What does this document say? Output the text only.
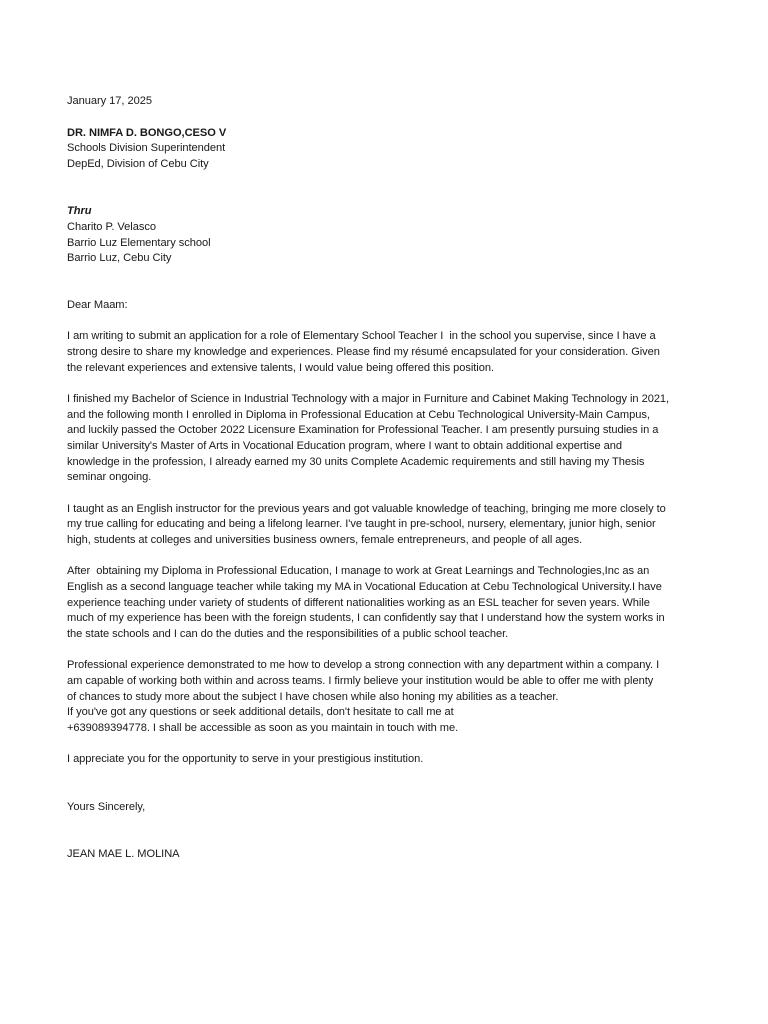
January 17, 2025
DR. NIMFA D. BONGO,CESO V
Schools Division Superintendent
DepEd, Division of Cebu City
Thru
Charito P. Velasco
Barrio Luz Elementary school
Barrio Luz, Cebu City
Dear Maam:

I am writing to submit an application for a role of Elementary School Teacher I  in the school you supervise, since I have a
strong desire to share my knowledge and experiences. Please find my résumé encapsulated for your consideration. Given
the relevant experiences and extensive talents, I would value being offered this position.

I finished my Bachelor of Science in Industrial Technology with a major in Furniture and Cabinet Making Technology in 2021,
and the following month I enrolled in Diploma in Professional Education at Cebu Technological University-Main Campus,
and luckily passed the October 2022 Licensure Examination for Professional Teacher. I am presently pursuing studies in a
similar University's Master of Arts in Vocational Education program, where I want to obtain additional expertise and
knowledge in the profession, I already earned my 30 units Complete Academic requirements and still having my Thesis
seminar ongoing.

I taught as an English instructor for the previous years and got valuable knowledge of teaching, bringing me more closely to
my true calling for educating and being a lifelong learner. I've taught in pre-school, nursery, elementary, junior high, senior
high, students at colleges and universities business owners, female entrepreneurs, and people of all ages.

After  obtaining my Diploma in Professional Education, I manage to work at Great Learnings and Technologies,Inc as an
English as a second language teacher while taking my MA in Vocational Education at Cebu Technological University.I have
experience teaching under variety of students of different nationalities working as an ESL teacher for seven years. While
much of my experience has been with the foreign students, I can confidently say that I understand how the system works in
the state schools and I can do the duties and the responsibilities of a public school teacher.

Professional experience demonstrated to me how to develop a strong connection with any department within a company. I
am capable of working both within and across teams. I firmly believe your institution would be able to offer me with plenty
of chances to study more about the subject I have chosen while also honing my abilities as a teacher.
If you've got any questions or seek additional details, don't hesitate to call me at
+639089394778. I shall be accessible as soon as you maintain in touch with me.

I appreciate you for the opportunity to serve in your prestigious institution.

Yours Sincerely,
JEAN MAE L. MOLINA
